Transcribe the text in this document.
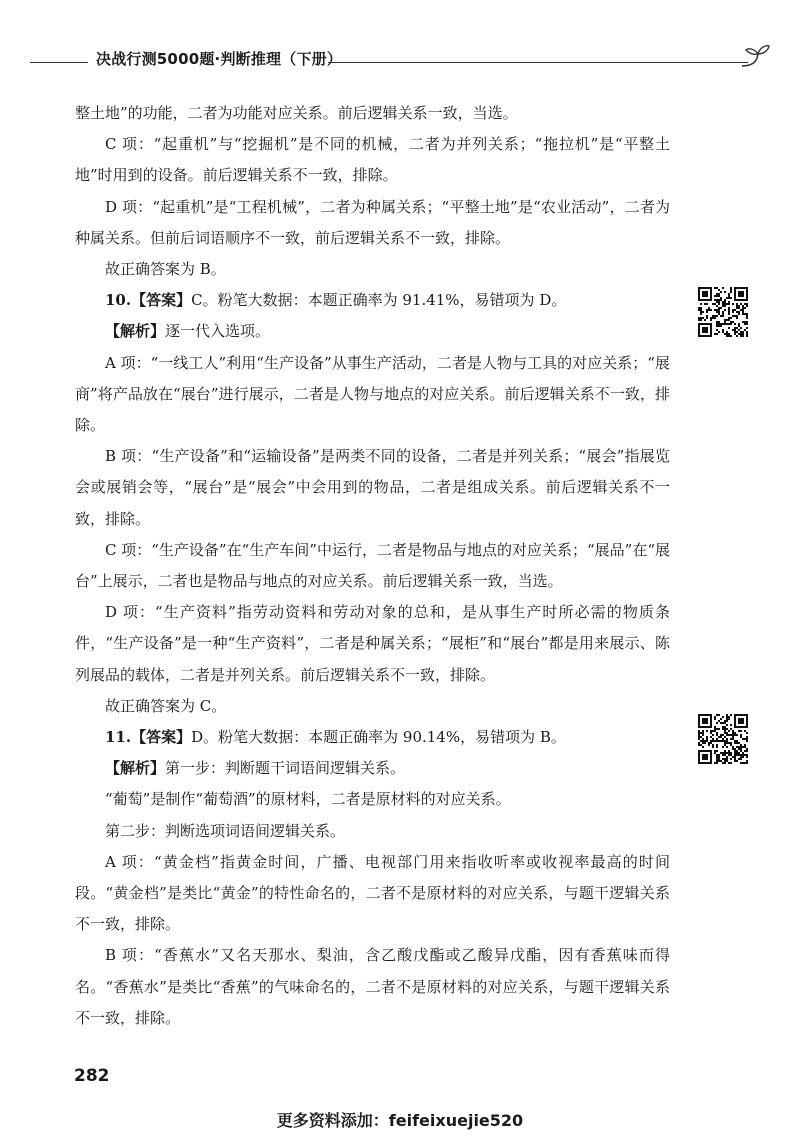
决战行测5000题·判断推理（下册）

整土地”的功能，二者为功能对应关系。前后逻辑关系一致，当选。

C 项：“起重机”与“挖掘机”是不同的机械，二者为并列关系；“拖拉机”是“平整土地”时用到的设备。前后逻辑关系不一致，排除。

D 项：“起重机”是“工程机械”，二者为种属关系；“平整土地”是“农业活动”，二者为种属关系。但前后词语顺序不一致，前后逻辑关系不一致，排除。

故正确答案为 B。

10.【答案】C。粉笔大数据：本题正确率为 91.41%，易错项为 D。

【解析】逐一代入选项。

A 项：“一线工人”利用“生产设备”从事生产活动，二者是人物与工具的对应关系；“展商”将产品放在“展台”进行展示，二者是人物与地点的对应关系。前后逻辑关系不一致，排除。

B 项：“生产设备”和“运输设备”是两类不同的设备，二者是并列关系；“展会”指展览会或展销会等，“展台”是“展会”中会用到的物品，二者是组成关系。前后逻辑关系不一致，排除。

C 项：“生产设备”在“生产车间”中运行，二者是物品与地点的对应关系；“展品”在“展台”上展示，二者也是物品与地点的对应关系。前后逻辑关系一致，当选。

D 项：“生产资料”指劳动资料和劳动对象的总和，是从事生产时所必需的物质条件，“生产设备”是一种“生产资料”，二者是种属关系；“展柜”和“展台”都是用来展示、陈列展品的载体，二者是并列关系。前后逻辑关系不一致，排除。

故正确答案为 C。

11.【答案】D。粉笔大数据：本题正确率为 90.14%，易错项为 B。

【解析】第一步：判断题干词语间逻辑关系。

“葡萄”是制作“葡萄酒”的原材料，二者是原材料的对应关系。

第二步：判断选项词语间逻辑关系。

A 项：“黄金档”指黄金时间，广播、电视部门用来指收听率或收视率最高的时间段。“黄金档”是类比“黄金”的特性命名的，二者不是原材料的对应关系，与题干逻辑关系不一致，排除。

B 项：“香蕉水”又名天那水、梨油，含乙酸戊酯或乙酸异戊酯，因有香蕉味而得名。“香蕉水”是类比“香蕉”的气味命名的，二者不是原材料的对应关系，与题干逻辑关系不一致，排除。

282
更多资料添加：feifeixuejie520
